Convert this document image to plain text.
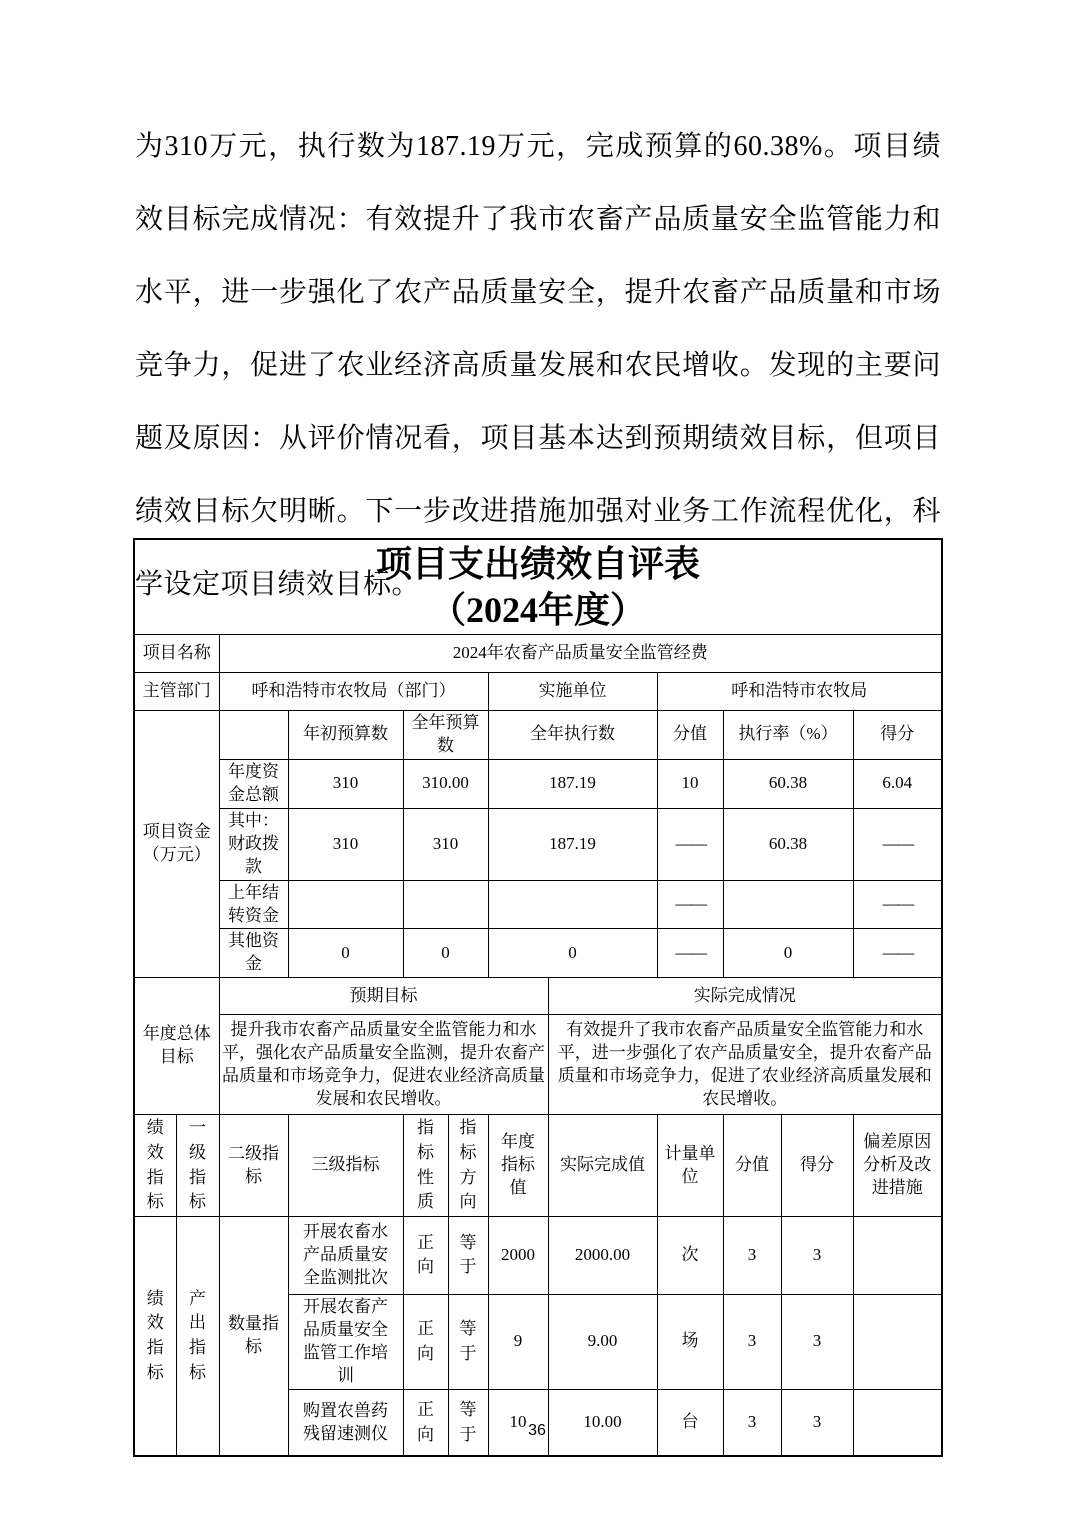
为310万元，执行数为187.19万元，完成预算的60.38%。项目绩效目标完成情况：有效提升了我市农畜产品质量安全监管能力和水平，进一步强化了农产品质量安全，提升农畜产品质量和市场竞争力，促进了农业经济高质量发展和农民增收。发现的主要问题及原因：从评价情况看，项目基本达到预期绩效目标，但项目绩效目标欠明晰。下一步改进措施加强对业务工作流程优化，科学设定项目绩效目标。
项目支出绩效自评表
（2024年度）											

项目名称		2024年农畜产品质量安全监管经费									
主管部门		呼和浩特市农牧局（部门）				实施单位		呼和浩特市农牧局			

项目资金（万元）			年初预算数	全年预算数		全年执行数		分值	执行率（%）		得分
		年度资金总额	310	310.00		187.19		10	60.38		6.04
		其中：财政拨款	310	310		187.19		——	60.38		——
		上年结转资金						——			——
		其他资金	0	0		0		——	0		——

年度总体目标		预期目标					实际完成情况				
		提升我市农畜产品质量安全监管能力和水平，强化农产品质量安全监测，提升农畜产品质量和市场竞争力，促进农业经济高质量发展和农民增收。					有效提升了我市农畜产品质量安全监管能力和水平，进一步强化了农产品质量安全，提升农畜产品质量和市场竞争力，促进了农业经济高质量发展和农民增收。				

绩效指标	一级指标	二级指标	三级指标	指标性质	指标方向	年度指标值	实际完成值	计量单位	分值	得分	偏差原因分析及改进措施

绩效指标	产出指标	数量指标	开展农畜水产品质量安全监测批次	正向	等于	2000	2000.00	次	3	3	

			开展农畜产品质量安全监管工作培训	正向	等于	9	9.00	场	3	3	

			购置农兽药残留速测仪	正向	等于	10	10.00	台	3	3	
36
